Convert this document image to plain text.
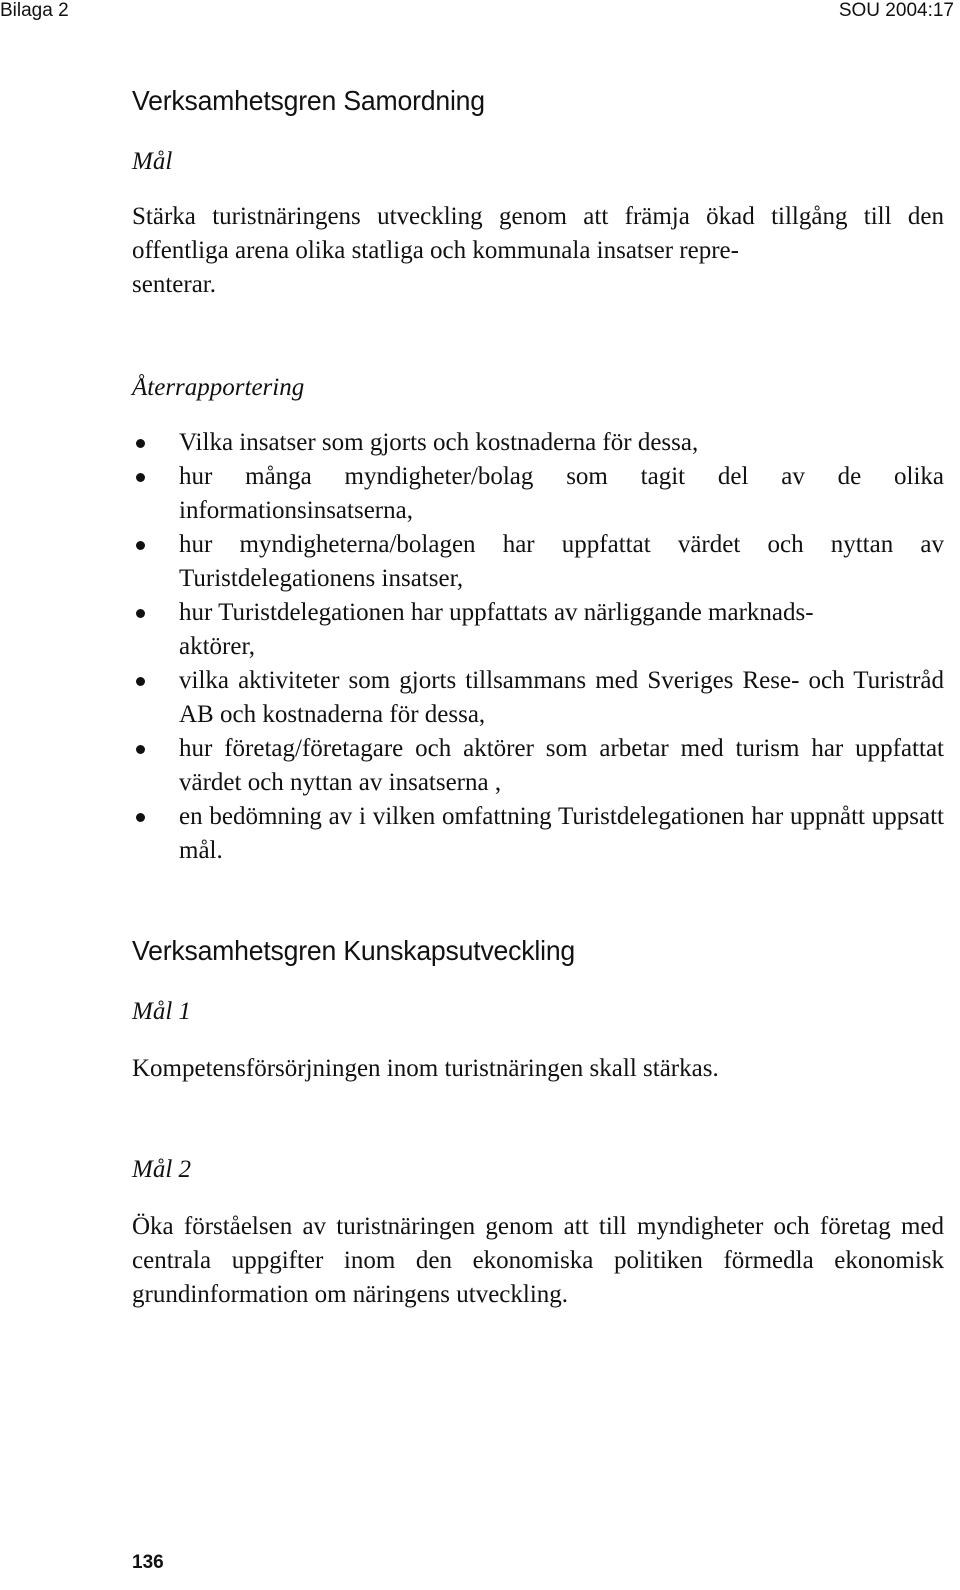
Bilaga 2	SOU 2004:17
Verksamhetsgren Samordning
Mål

Stärka turistnäringens utveckling genom att främja ökad tillgång till den offentliga arena olika statliga och kommunala insatser repre-
senterar.

Återrapportering
Vilka insatser som gjorts och kostnaderna för dessa,
hur många myndigheter/bolag som tagit del av de olika informationsinsatserna,
hur myndigheterna/bolagen har uppfattat värdet och nyttan av Turistdelegationens insatser,
hur Turistdelegationen har uppfattats av närliggande marknads-
aktörer,
vilka aktiviteter som gjorts tillsammans med Sveriges Rese- och Turistråd AB och kostnaderna för dessa,
hur företag/företagare och aktörer som arbetar med turism har uppfattat värdet och nyttan av insatserna ,
en bedömning av i vilken omfattning Turistdelegationen har uppnått uppsatt mål.
Verksamhetsgren Kunskapsutveckling
Mål 1

Kompetensförsörjningen inom turistnäringen skall stärkas.

Mål 2

Öka förståelsen av turistnäringen genom att till myndigheter och företag med centrala uppgifter inom den ekonomiska politiken förmedla ekonomisk grundinformation om näringens utveckling.

136
